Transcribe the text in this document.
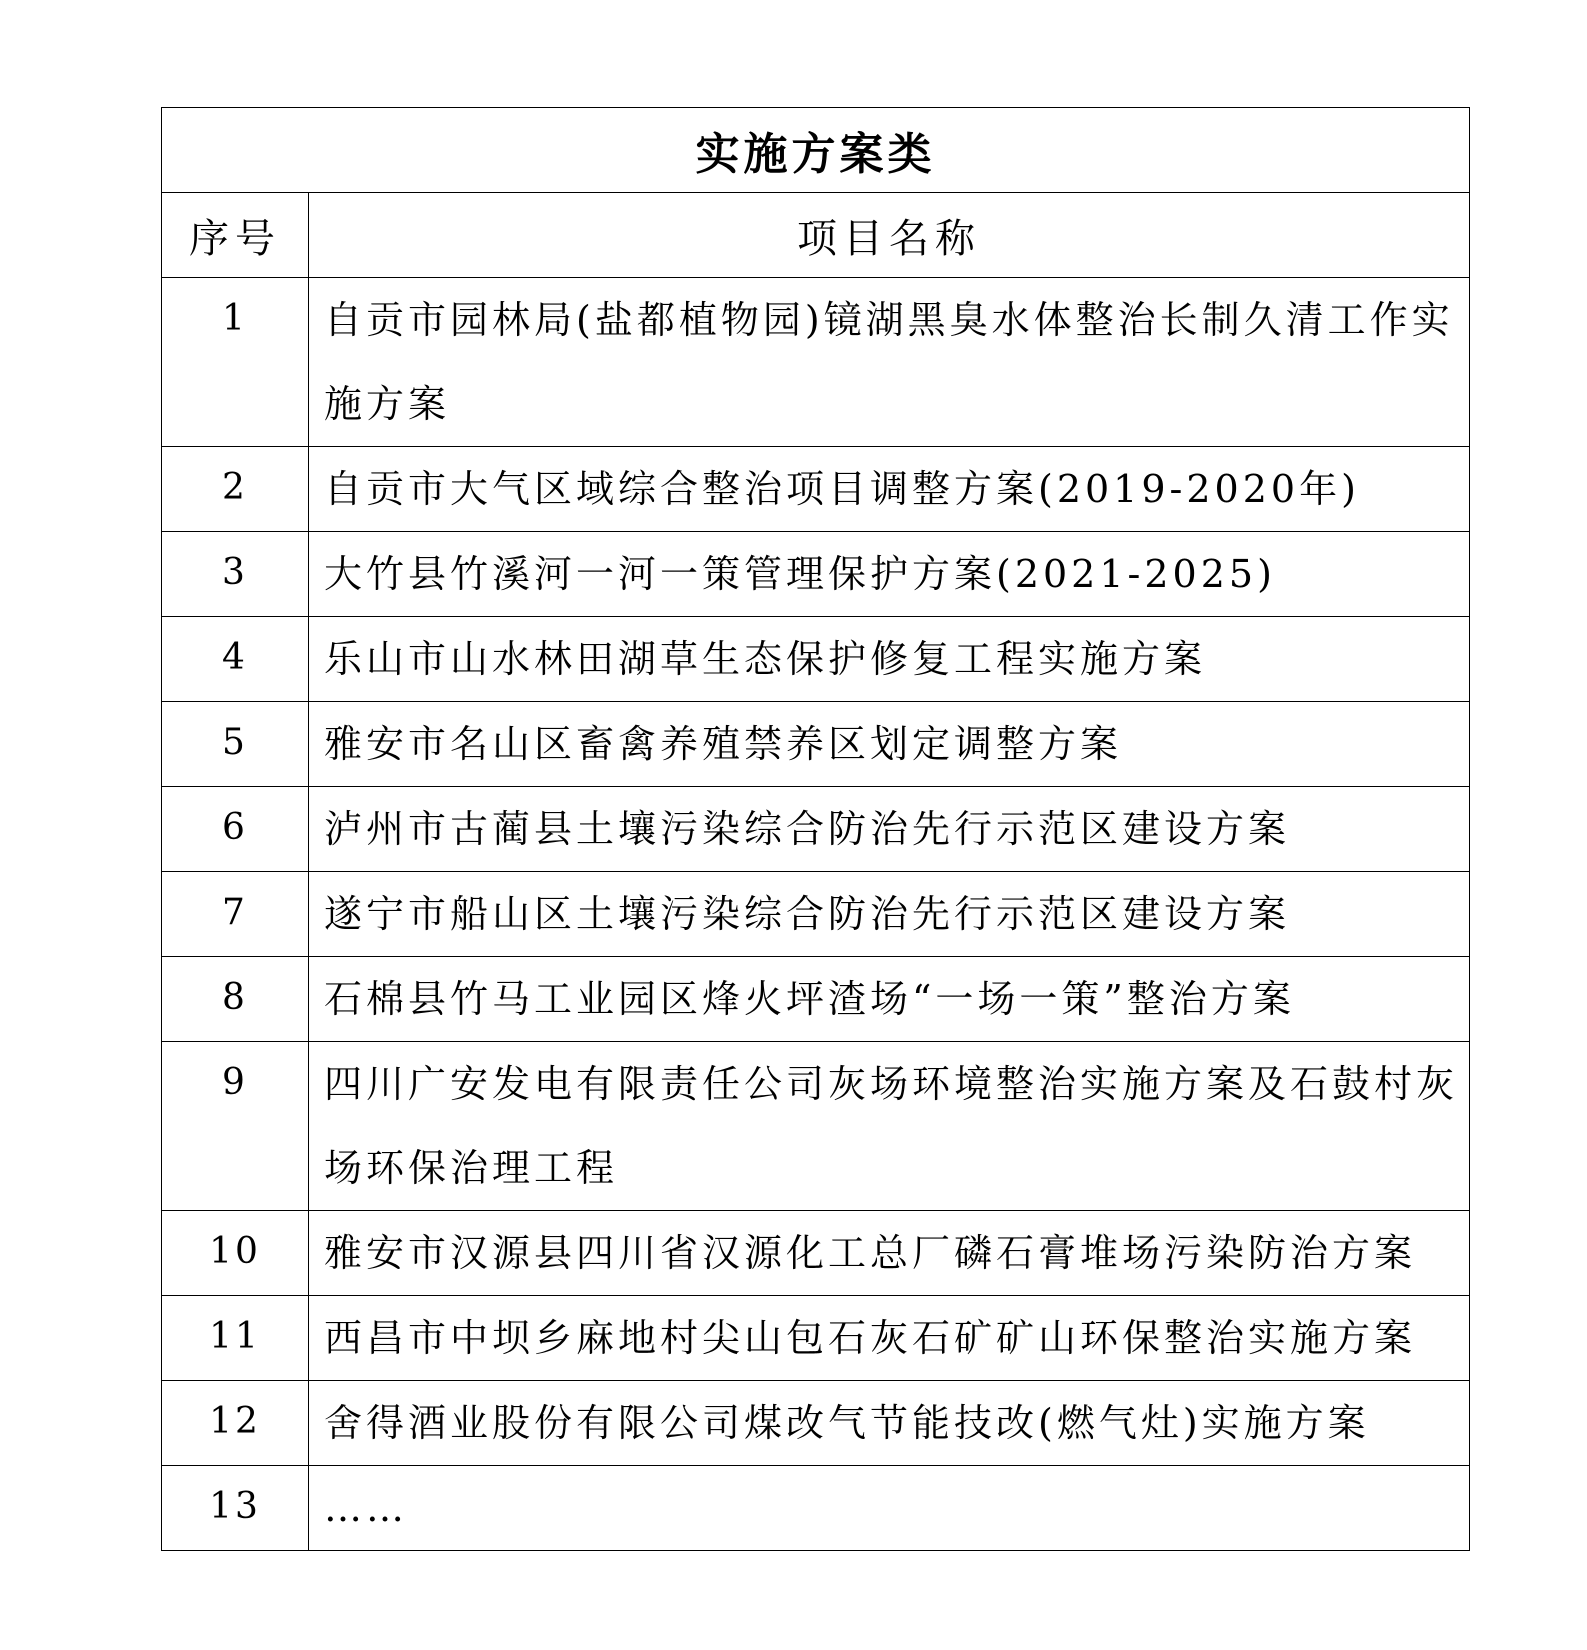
实施方案类	
序号	项目名称
1	自贡市园林局(盐都植物园)镜湖黑臭水体整治长制久清工作实施方案
2	自贡市大气区域综合整治项目调整方案(2019-2020年)
3	大竹县竹溪河一河一策管理保护方案(2021-2025)
4	乐山市山水林田湖草生态保护修复工程实施方案
5	雅安市名山区畜禽养殖禁养区划定调整方案
6	泸州市古蔺县土壤污染综合防治先行示范区建设方案
7	遂宁市船山区土壤污染综合防治先行示范区建设方案
8	石棉县竹马工业园区烽火坪渣场“一场一策”整治方案
9	四川广安发电有限责任公司灰场环境整治实施方案及石鼓村灰场环保治理工程
10	雅安市汉源县四川省汉源化工总厂磷石膏堆场污染防治方案
11	西昌市中坝乡麻地村尖山包石灰石矿矿山环保整治实施方案
12	舍得酒业股份有限公司煤改气节能技改(燃气灶)实施方案
13	……
